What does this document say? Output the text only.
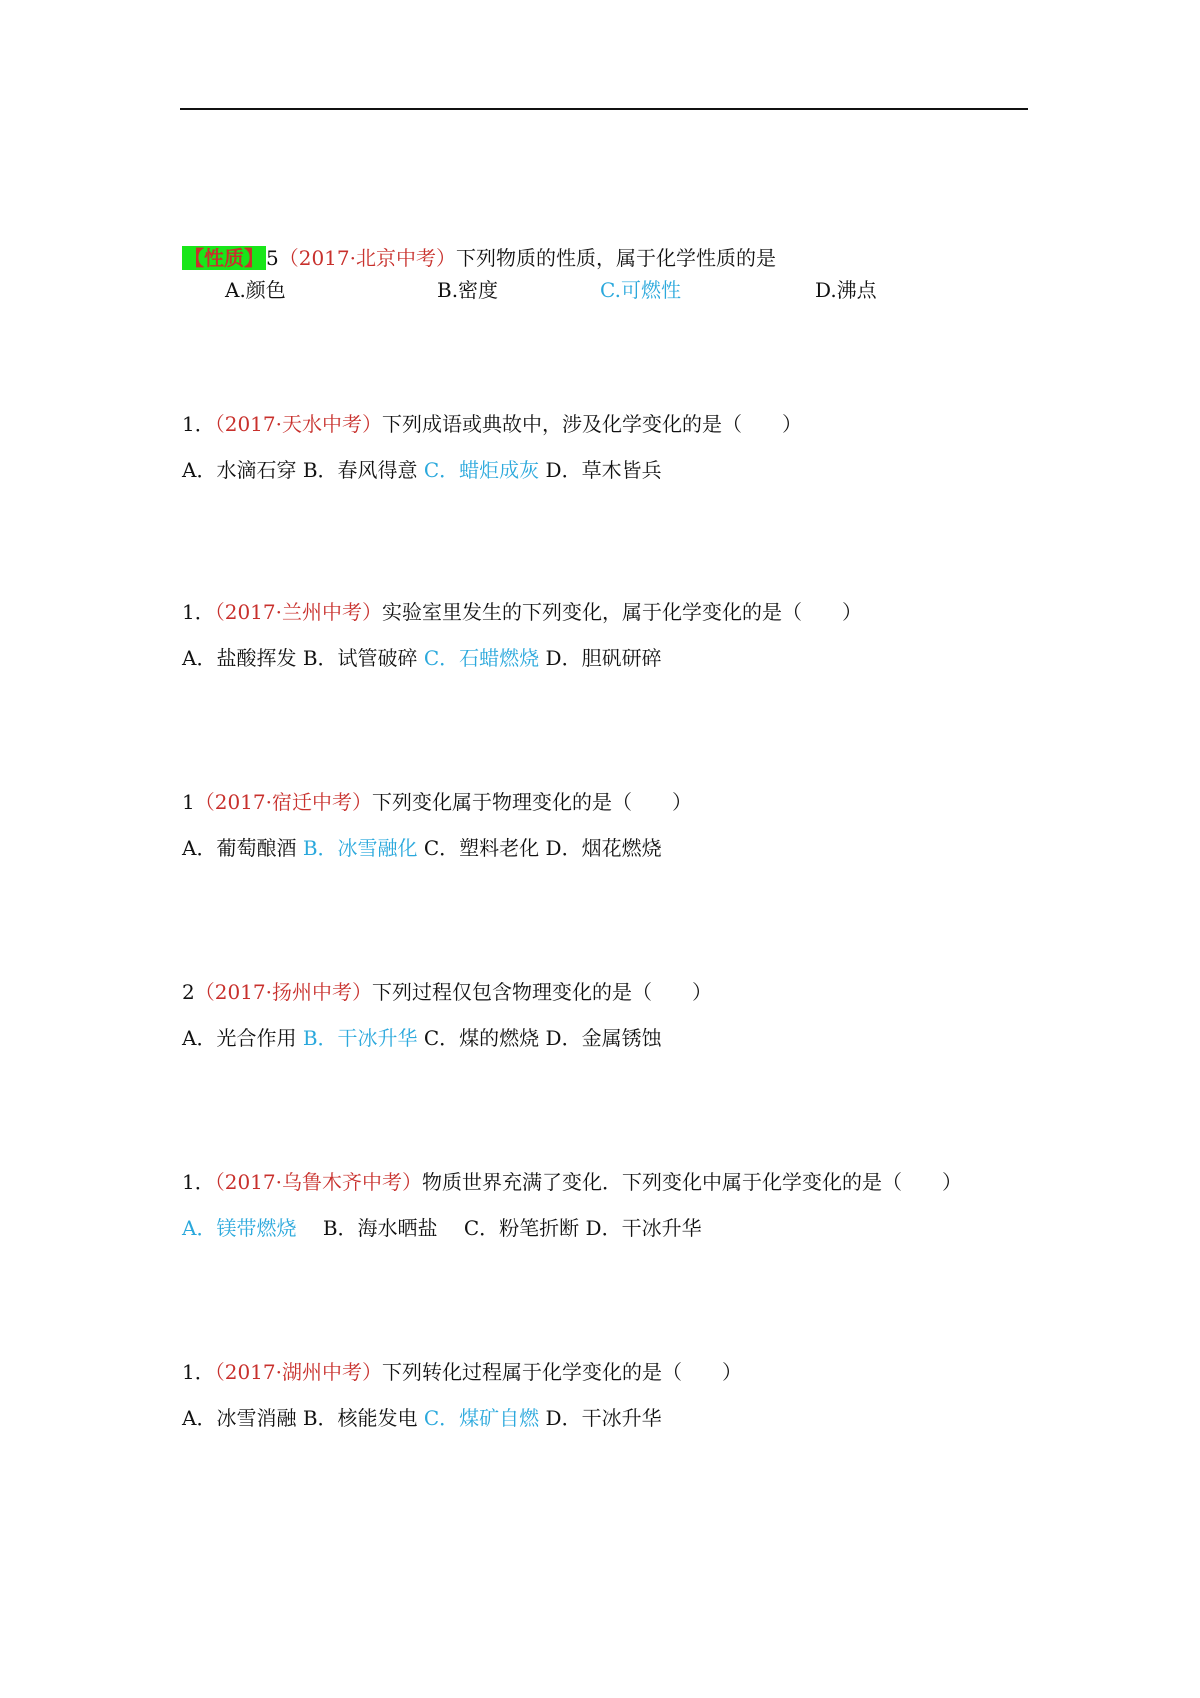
【性质】 5（2017·北京中考）下列物质的性质，属于化学性质的是
A.颜色	B.密度	C.可燃性	D.沸点
1．（2017·天水中考）下列成语或典故中，涉及化学变化的是（　　）
A．水滴石穿 B．春风得意 C．蜡炬成灰 D．草木皆兵
1．（2017·兰州中考）实验室里发生的下列变化，属于化学变化的是（　　）
A．盐酸挥发 B．试管破碎 C．石蜡燃烧 D．胆矾研碎
1（2017·宿迁中考）下列变化属于物理变化的是（　　）
A．葡萄酿酒 B．冰雪融化 C．塑料老化 D．烟花燃烧
2（2017·扬州中考）下列过程仅包含物理变化的是（　　）
A．光合作用 B．干冰升华 C．煤的燃烧 D．金属锈蚀
1．（2017·乌鲁木齐中考）物质世界充满了变化．下列变化中属于化学变化的是（　　）
A．镁带燃烧 　B．海水晒盐　 C．粉笔折断 D．干冰升华
1．（2017·湖州中考）下列转化过程属于化学变化的是（　　）
A．冰雪消融 B．核能发电 C．煤矿自燃 D．干冰升华
